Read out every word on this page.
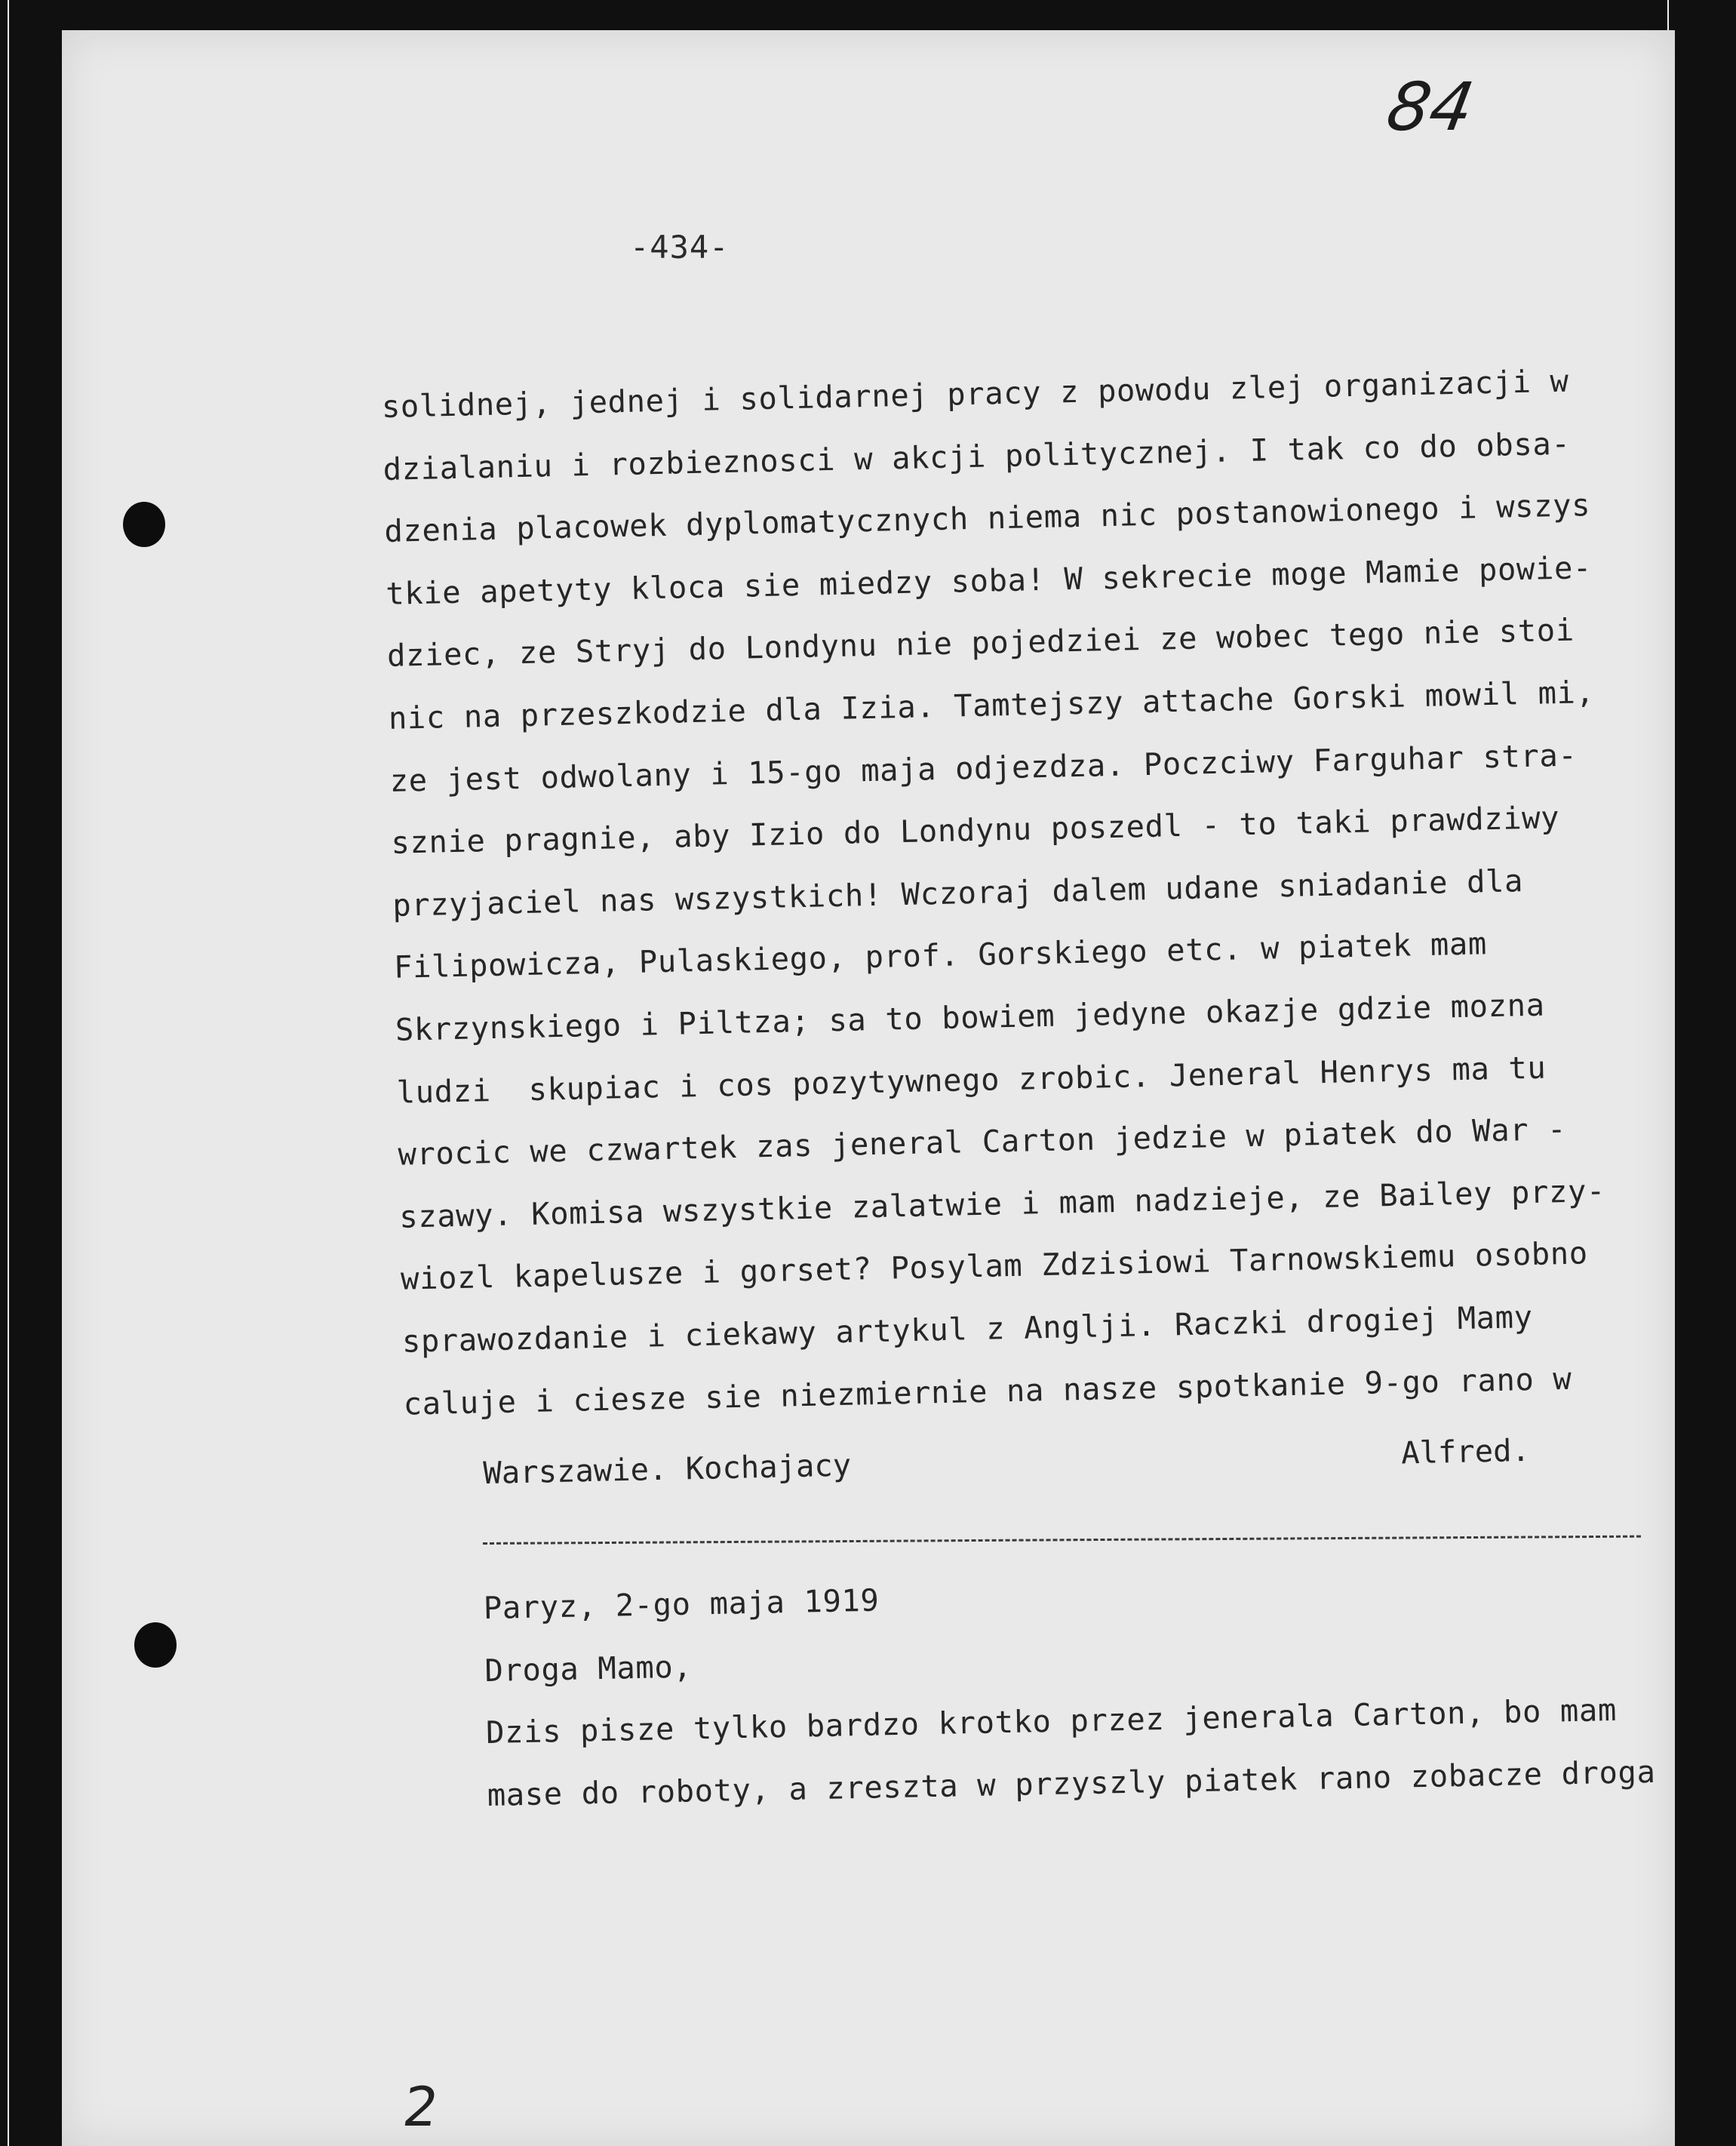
84
-434-
solidnej, jednej i solidarnej pracy z powodu zlej organizacji w
dzialaniu i rozbieznosci w akcji politycznej. I tak co do obsa-
dzenia placowek dyplomatycznych niema nic postanowionego i wszys
tkie apetyty kloca sie miedzy soba! W sekrecie moge Mamie powie-
dziec, ze Stryj do Londynu nie pojedziei ze wobec tego nie stoi
nic na przeszkodzie dla Izia. Tamtejszy attache Gorski mowil mi,
ze jest odwolany i 15-go maja odjezdza. Poczciwy Farguhar stra-
sznie pragnie, aby Izio do Londynu poszedl - to taki prawdziwy
przyjaciel nas wszystkich! Wczoraj dalem udane sniadanie dla
Filipowicza, Pulaskiego, prof. Gorskiego etc. w piatek mam
Skrzynskiego i Piltza; sa to bowiem jedyne okazje gdzie mozna
ludzi  skupiac i cos pozytywnego zrobic. Jeneral Henrys ma tu
wrocic we czwartek zas jeneral Carton jedzie w piatek do War -
szawy. Komisa wszystkie zalatwie i mam nadzieje, ze Bailey przy-
wiozl kapelusze i gorset? Posylam Zdzisiowi Tarnowskiemu osobno
sprawozdanie i ciekawy artykul z Anglji. Raczki drogiej Mamy
caluje i ciesze sie niezmiernie na nasze spotkanie 9-go rano w
Warszawie. Kochajacy	Alfred.
Paryz, 2-go maja 1919
Droga Mamo,
Dzis pisze tylko bardzo krotko przez jenerala Carton, bo mam
mase do roboty, a zreszta w przyszly piatek rano zobacze droga
2
